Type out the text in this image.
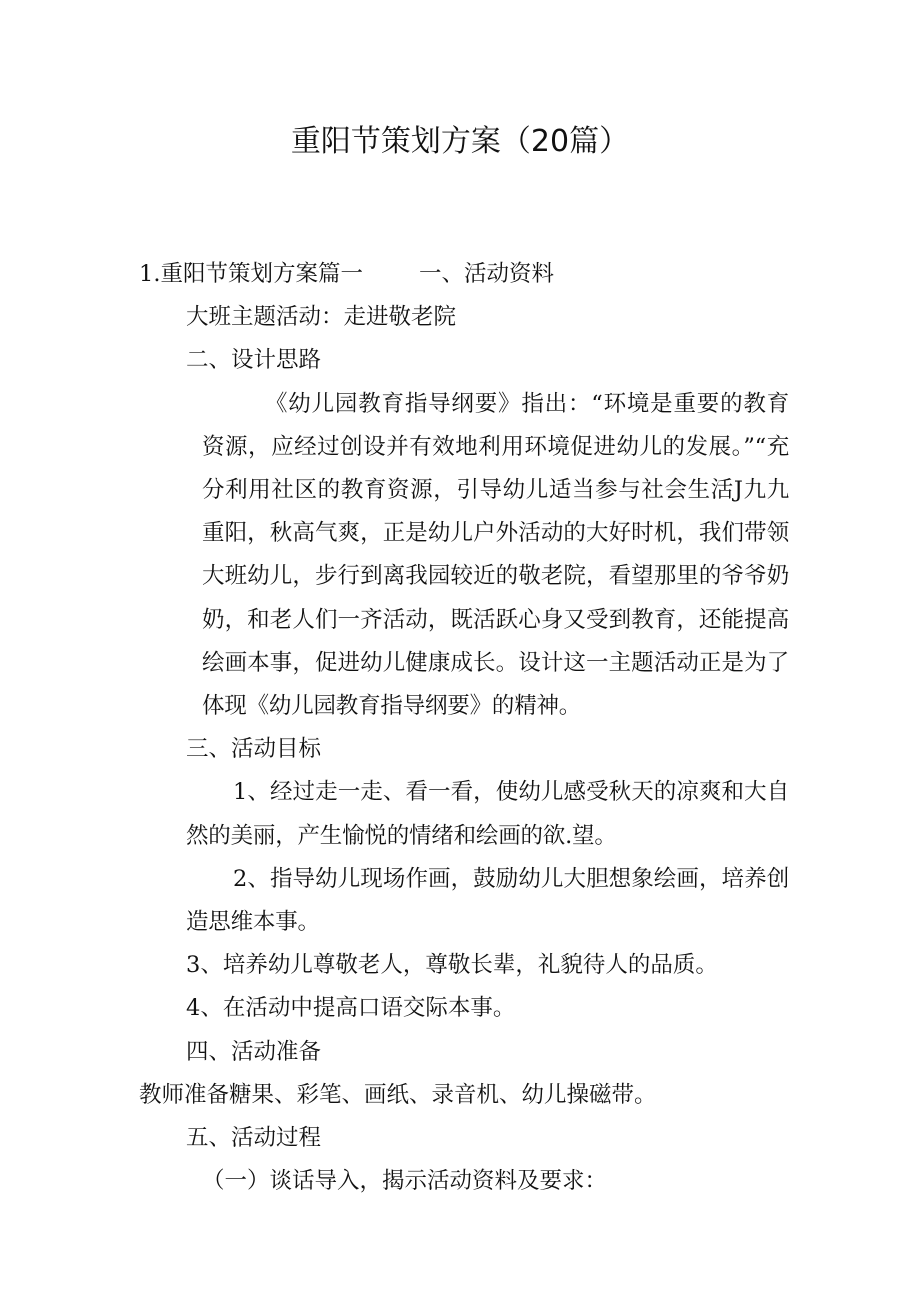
重阳节策划方案（20篇）

1.重阳节策划方案篇一 一、活动资料

大班主题活动：走进敬老院

二、设计思路

《幼儿园教育指导纲要》指出：“环境是重要的教育资源，应经过创设并有效地利用环境促进幼儿的发展。”“充分利用社区的教育资源，引导幼儿适当参与社会生活J九九重阳，秋高气爽，正是幼儿户外活动的大好时机，我们带领大班幼儿，步行到离我园较近的敬老院，看望那里的爷爷奶奶，和老人们一齐活动，既活跃心身又受到教育，还能提高绘画本事，促进幼儿健康成长。设计这一主题活动正是为了体现《幼儿园教育指导纲要》的精神。

三、活动目标

1、经过走一走、看一看，使幼儿感受秋天的凉爽和大自然的美丽，产生愉悦的情绪和绘画的欲.望。

2、指导幼儿现场作画，鼓励幼儿大胆想象绘画，培养创造思维本事。

3、培养幼儿尊敬老人，尊敬长辈，礼貌待人的品质。

4、在活动中提高口语交际本事。

四、活动准备

教师准备糖果、彩笔、画纸、录音机、幼儿操磁带。

五、活动过程

（一）谈话导入，揭示活动资料及要求：
